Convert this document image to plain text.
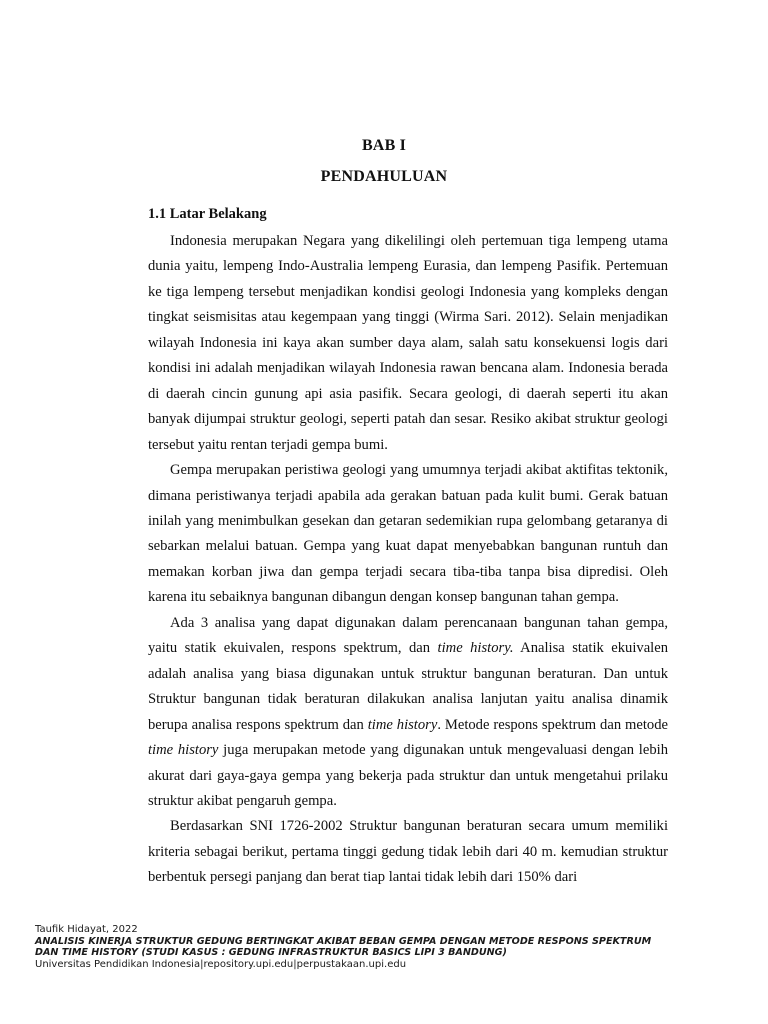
BAB I
PENDAHULUAN
1.1 Latar Belakang

Indonesia merupakan Negara yang dikelilingi oleh pertemuan tiga lempeng utama dunia yaitu, lempeng Indo-Australia lempeng Eurasia, dan lempeng Pasifik. Pertemuan ke tiga lempeng tersebut menjadikan kondisi geologi Indonesia yang kompleks dengan tingkat seismisitas atau kegempaan yang tinggi (Wirma Sari. 2012). Selain menjadikan wilayah Indonesia ini kaya akan sumber daya alam, salah satu konsekuensi logis dari kondisi ini adalah menjadikan wilayah Indonesia rawan bencana alam. Indonesia berada di daerah cincin gunung api asia pasifik. Secara geologi, di daerah seperti itu akan banyak dijumpai struktur geologi, seperti patah dan sesar. Resiko akibat struktur geologi tersebut yaitu rentan terjadi gempa bumi.

Gempa merupakan peristiwa geologi yang umumnya terjadi akibat aktifitas tektonik, dimana peristiwanya terjadi apabila ada gerakan batuan pada kulit bumi. Gerak batuan inilah yang menimbulkan gesekan dan getaran sedemikian rupa gelombang getaranya di sebarkan melalui batuan. Gempa yang kuat dapat menyebabkan bangunan runtuh dan memakan korban jiwa dan gempa terjadi secara tiba-tiba tanpa bisa dipredisi. Oleh karena itu sebaiknya bangunan dibangun dengan konsep bangunan tahan gempa.

Ada 3 analisa yang dapat digunakan dalam perencanaan bangunan tahan gempa, yaitu statik ekuivalen, respons spektrum, dan time history. Analisa statik ekuivalen adalah analisa yang biasa digunakan untuk struktur bangunan beraturan. Dan untuk Struktur bangunan tidak beraturan dilakukan analisa lanjutan yaitu analisa dinamik berupa analisa respons spektrum dan time history. Metode respons spektrum dan metode time history juga merupakan metode yang digunakan untuk mengevaluasi dengan lebih akurat dari gaya-gaya gempa yang bekerja pada struktur dan untuk mengetahui prilaku struktur akibat pengaruh gempa.

Berdasarkan SNI 1726-2002 Struktur bangunan beraturan secara umum memiliki kriteria sebagai berikut, pertama tinggi gedung tidak lebih dari 40 m. kemudian struktur berbentuk persegi panjang dan berat tiap lantai tidak lebih dari 150% dari

Taufik Hidayat, 2022
ANALISIS KINERJA STRUKTUR GEDUNG BERTINGKAT AKIBAT BEBAN GEMPA DENGAN METODE RESPONS SPEKTRUM
DAN TIME HISTORY (STUDI KASUS : GEDUNG INFRASTRUKTUR BASICS LIPI 3 BANDUNG)
Universitas Pendidikan Indonesia|repository.upi.edu|perpustakaan.upi.edu
